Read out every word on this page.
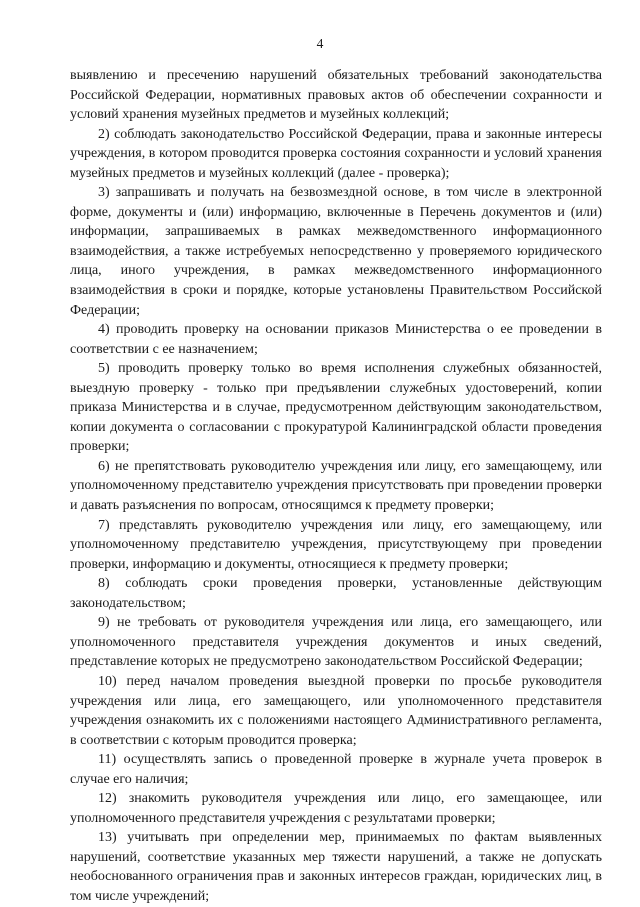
4

выявлению и пресечению нарушений обязательных требований законодательства Российской Федерации, нормативных правовых актов об обеспечении сохранности и условий хранения музейных предметов и музейных коллекций;

2) соблюдать законодательство Российской Федерации, права и законные интересы учреждения, в котором проводится проверка состояния сохранности и условий хранения музейных предметов и музейных коллекций (далее - проверка);

3) запрашивать и получать на безвозмездной основе, в том числе в электронной форме, документы и (или) информацию, включенные в Перечень документов и (или) информации, запрашиваемых в рамках межведомственного информационного взаимодействия, а также истребуемых непосредственно у проверяемого юридического лица, иного учреждения, в рамках межведомственного информационного взаимодействия в сроки и порядке, которые установлены Правительством Российской Федерации;

4) проводить проверку на основании приказов Министерства о ее проведении в соответствии с ее назначением;

5) проводить проверку только во время исполнения служебных обязанностей, выездную проверку - только при предъявлении служебных удостоверений, копии приказа Министерства и в случае, предусмотренном действующим законодательством, копии документа о согласовании с прокуратурой Калининградской области проведения проверки;

6) не препятствовать руководителю учреждения или лицу, его замещающему, или уполномоченному представителю учреждения присутствовать при проведении проверки и давать разъяснения по вопросам, относящимся к предмету проверки;

7) представлять руководителю учреждения или лицу, его замещающему, или уполномоченному представителю учреждения, присутствующему при проведении проверки, информацию и документы, относящиеся к предмету проверки;

8) соблюдать сроки проведения проверки, установленные действующим законодательством;

9) не требовать от руководителя учреждения или лица, его замещающего, или уполномоченного представителя учреждения документов и иных сведений, представление которых не предусмотрено законодательством Российской Федерации;

10) перед началом проведения выездной проверки по просьбе руководителя учреждения или лица, его замещающего, или уполномоченного представителя учреждения ознакомить их с положениями настоящего Административного регламента, в соответствии с которым проводится проверка;

11) осуществлять запись о проведенной проверке в журнале учета проверок в случае его наличия;

12) знакомить руководителя учреждения или лицо, его замещающее, или уполномоченного представителя учреждения с результатами проверки;

13) учитывать при определении мер, принимаемых по фактам выявленных нарушений, соответствие указанных мер тяжести нарушений, а также не допускать необоснованного ограничения прав и законных интересов граждан, юридических лиц, в том числе учреждений;
